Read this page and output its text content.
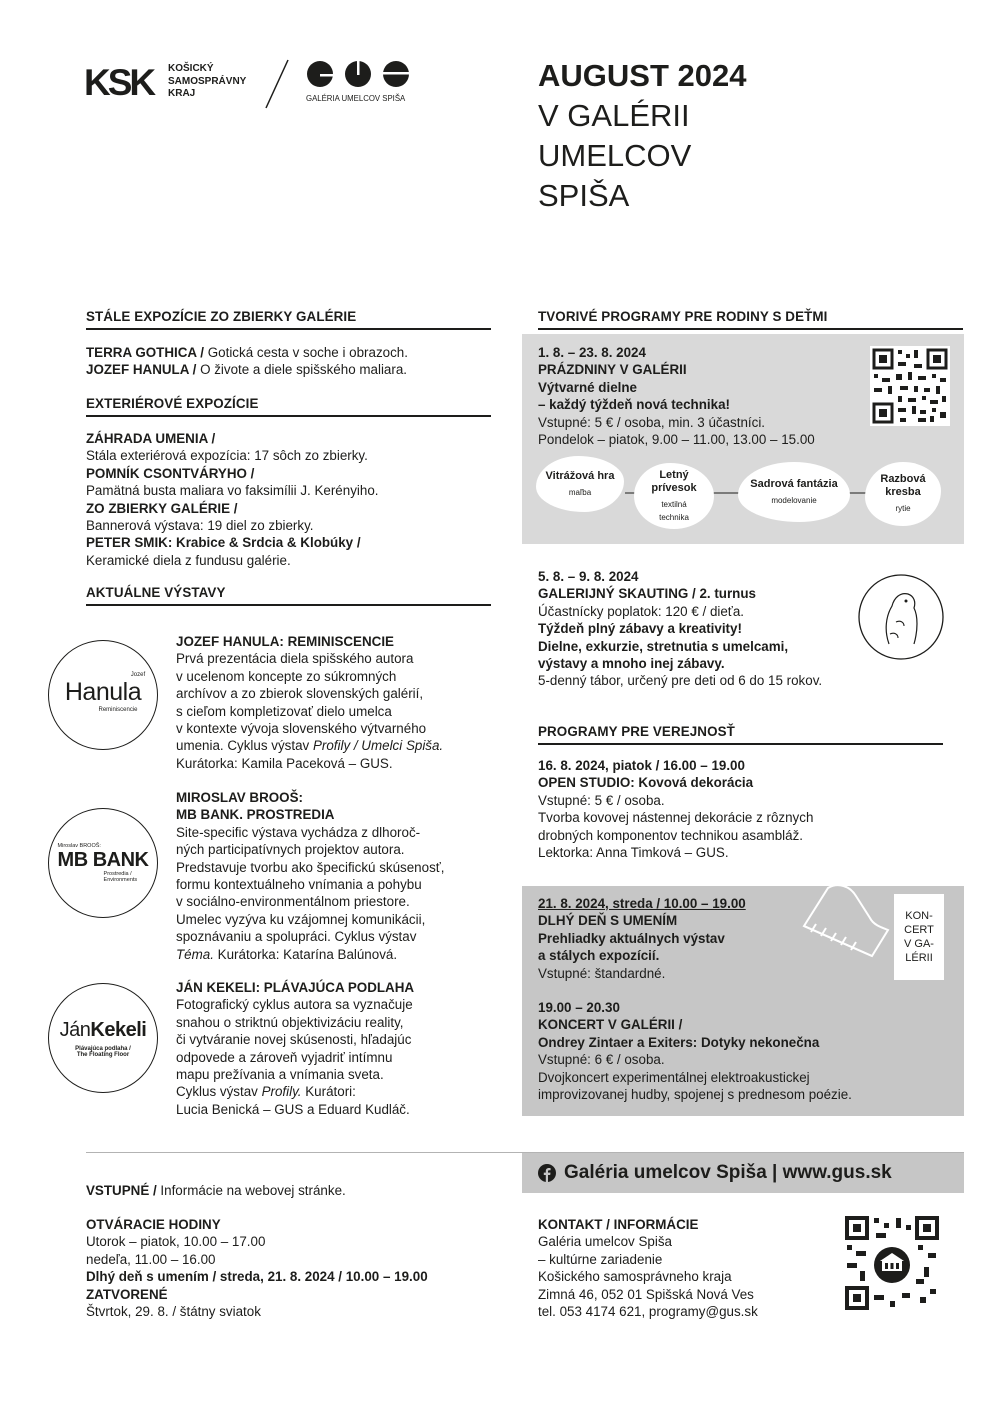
KSK KOŠICKÝ
SAMOSPRÁVNY
KRAJ	GALÉRIA UMELCOV SPIŠA
AUGUST 2024
V GALÉRII
UMELCOV
SPIŠA
STÁLE EXPOZÍCIE ZO ZBIERKY GALÉRIE

TERRA GOTHICA / Gotická cesta v soche i obrazoch.

JOZEF HANULA / O živote a diele spišského maliara.

EXTERIÉROVÉ EXPOZÍCIE

ZÁHRADA UMENIA /

Stála exteriérová expozícia: 17 sôch zo zbierky.

POMNÍK CSONTVÁRYHO /

Pamätná busta maliara vo faksimílii J. Kerényiho.

ZO ZBIERKY GALÉRIE /

Bannerová výstava: 19 diel zo zbierky.

PETER SMIK: Krabice & Srdcia & Klobúky /

Keramické diela z fundusu galérie.

AKTUÁLNE VÝSTAVY
Jozef
Hanula
Reminiscencie

JOZEF HANULA: REMINISCENCIE

Prvá prezentácia diela spišského autora

v ucelenom koncepte zo súkromných

archívov a zo zbierok slovenských galérií,

s cieľom kompletizovať dielo umelca

v kontexte vývoja slovenského výtvarného

umenia. Cyklus výstav Profily / Umelci Spiša.

Kurátorka: Kamila Paceková – GUS.

Miroslav BROOŠ:
MB BANK
Prostredia /
Environments

MIROSLAV BROOŠ:

MB BANK. PROSTREDIA

Site-specific výstava vychádza z dlhoroč-

ných participatívnych projektov autora.

Predstavuje tvorbu ako špecifickú skúsenosť,

formu kontextuálneho vnímania a pohybu

v sociálno-environmentálnom priestore.

Umelec vyzýva ku vzájomnej komunikácii,

spoznávaniu a spolupráci. Cyklus výstav

Téma. Kurátorka: Katarína Balúnová.

JánKekeli
Plávajúca podlaha /
The Floating Floor

JÁN KEKELI: PLÁVAJÚCA PODLAHA

Fotografický cyklus autora sa vyznačuje

snahou o striktnú objektivizáciu reality,

či vytváranie novej skúsenosti, hľadajúc

odpovede a zároveň vyjadriť intímnu

mapu prežívania a vnímania sveta.

Cyklus výstav Profily. Kurátori:

Lucia Benická – GUS a Eduard Kudláč.

TVORIVÉ PROGRAMY PRE RODINY S DEŤMI

1. 8. – 23. 8. 2024

PRÁZDNINY V GALÉRII

Výtvarné dielne

– každý týždeň nová technika!

Vstupné: 5 € / osoba, min. 3 účastníci.

Pondelok – piatok, 9.00 – 11.00, 13.00 – 15.00

Vitrážová hra
maľba
Letný prívesok
textilná technika
Sadrová fantázia
modelovanie
Razbová kresba
rytie

5. 8. – 9. 8. 2024

GALERIJNÝ SKAUTING / 2. turnus

Účastnícky poplatok: 120 € / dieťa.

Týždeň plný zábavy a kreativity!

Dielne, exkurzie, stretnutia s umelcami,

výstavy a mnoho inej zábavy.

5-denný tábor, určený pre deti od 6 do 15 rokov.

PROGRAMY PRE VEREJNOSŤ

16. 8. 2024, piatok / 16.00 – 19.00

OPEN STUDIO: Kovová dekorácia

Vstupné: 5 € / osoba.

Tvorba kovovej nástennej dekorácie z rôznych

drobných komponentov technikou asambláž.

Lektorka: Anna Timková – GUS.

21. 8. 2024, streda / 10.00 – 19.00

DLHÝ DEŇ S UMENÍM

Prehliadky aktuálnych výstav

a stálych expozícií.

Vstupné: štandardné.

19.00 – 20.30

KONCERT V GALÉRII /

Ondrey Zintaer a Exiters: Dotyky nekonečna

Vstupné: 6 € / osoba.

Dvojkoncert experimentálnej elektroakustickej

improvizovanej hudby, spojenej s prednesom poézie.

KON-
CERT
V GA-
LÉRII
Galéria umelcov Spiša | www.gus.sk

VSTUPNÉ / Informácie na webovej stránke.

OTVÁRACIE HODINY

Utorok – piatok, 10.00 – 17.00

nedeľa, 11.00 – 16.00

Dlhý deň s umením / streda, 21. 8. 2024 / 10.00 – 19.00

ZATVORENÉ

Štvrtok, 29. 8. / štátny sviatok

KONTAKT / INFORMÁCIE

Galéria umelcov Spiša

– kultúrne zariadenie

Košického samosprávneho kraja

Zimná 46, 052 01 Spišská Nová Ves

tel. 053 4174 621, programy@gus.sk
